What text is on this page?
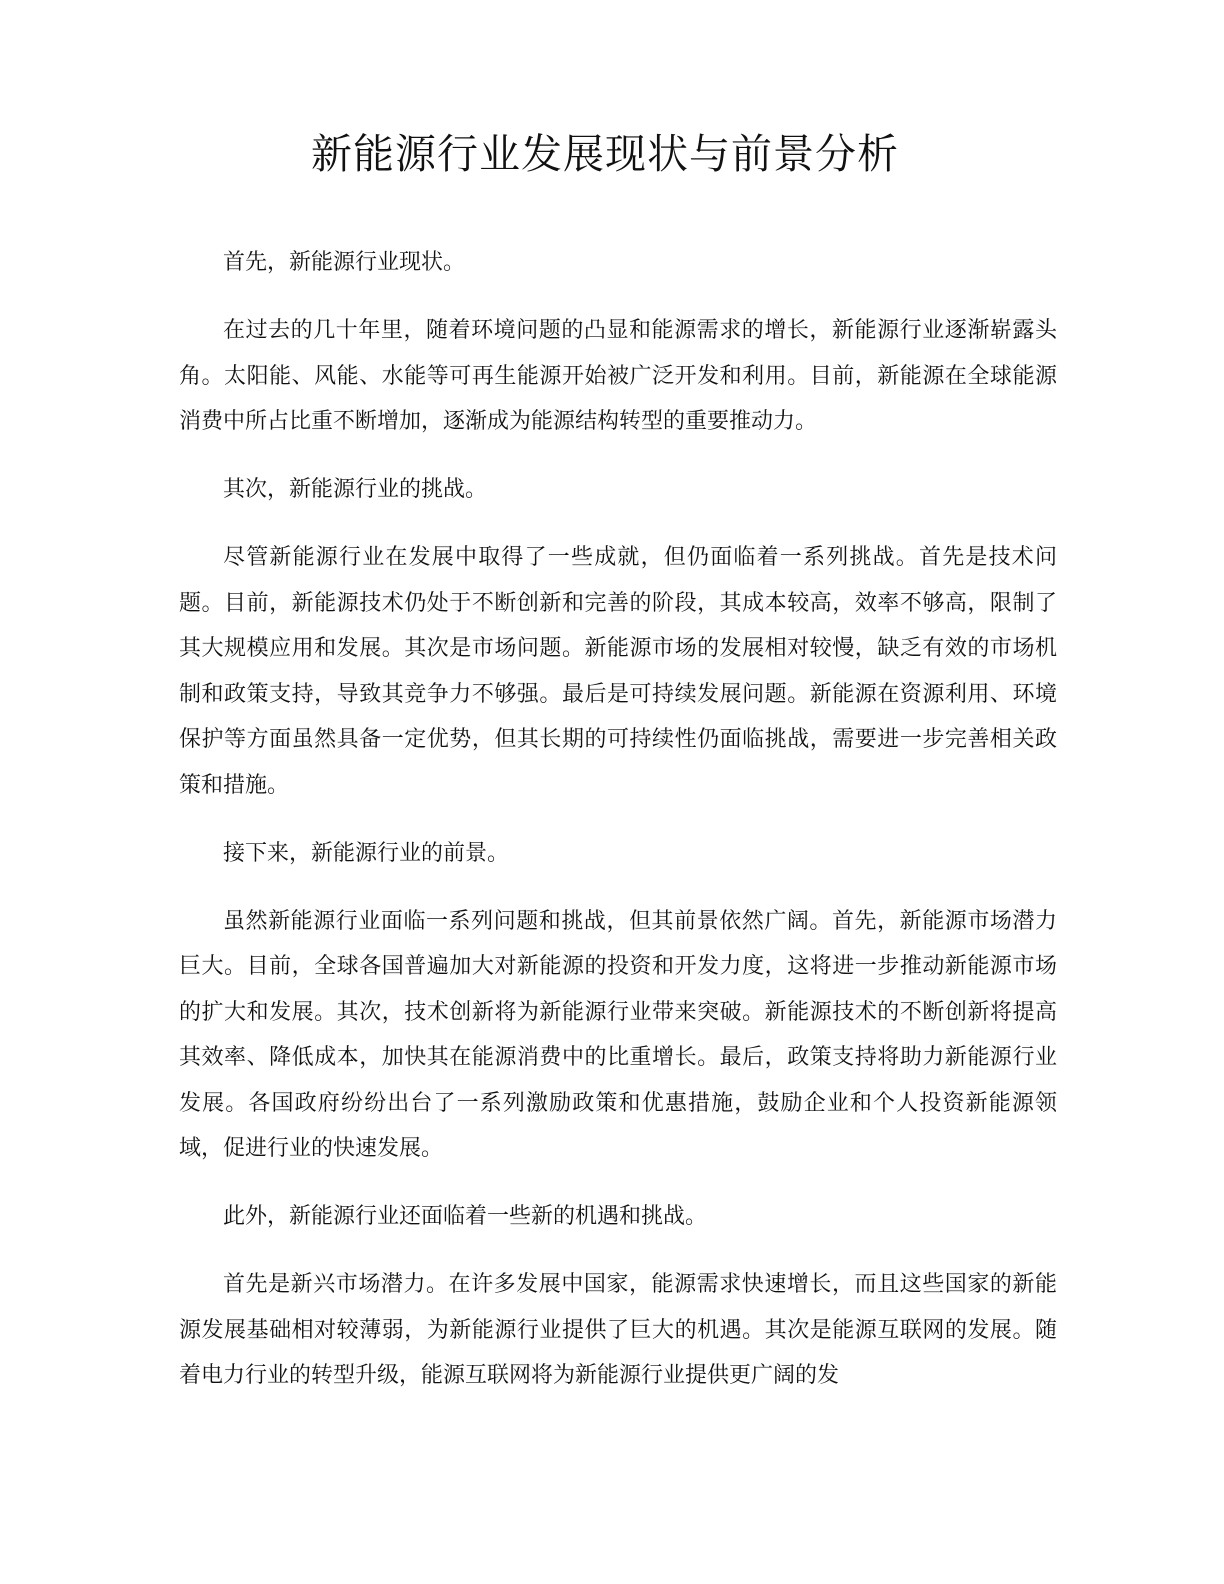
新能源行业发展现状与前景分析

首先，新能源行业现状。

在过去的几十年里，随着环境问题的凸显和能源需求的增长，新能源行业逐渐崭露头角。太阳能、风能、水能等可再生能源开始被广泛开发和利用。目前，新能源在全球能源消费中所占比重不断增加，逐渐成为能源结构转型的重要推动力。

其次，新能源行业的挑战。

尽管新能源行业在发展中取得了一些成就，但仍面临着一系列挑战。首先是技术问题。目前，新能源技术仍处于不断创新和完善的阶段，其成本较高，效率不够高，限制了其大规模应用和发展。其次是市场问题。新能源市场的发展相对较慢，缺乏有效的市场机制和政策支持，导致其竞争力不够强。最后是可持续发展问题。新能源在资源利用、环境保护等方面虽然具备一定优势，但其长期的可持续性仍面临挑战，需要进一步完善相关政策和措施。

接下来，新能源行业的前景。

虽然新能源行业面临一系列问题和挑战，但其前景依然广阔。首先，新能源市场潜力巨大。目前，全球各国普遍加大对新能源的投资和开发力度，这将进一步推动新能源市场的扩大和发展。其次，技术创新将为新能源行业带来突破。新能源技术的不断创新将提高其效率、降低成本，加快其在能源消费中的比重增长。最后，政策支持将助力新能源行业发展。各国政府纷纷出台了一系列激励政策和优惠措施，鼓励企业和个人投资新能源领域，促进行业的快速发展。

此外，新能源行业还面临着一些新的机遇和挑战。

首先是新兴市场潜力。在许多发展中国家，能源需求快速增长，而且这些国家的新能源发展基础相对较薄弱，为新能源行业提供了巨大的机遇。其次是能源互联网的发展。随着电力行业的转型升级，能源互联网将为新能源行业提供更广阔的发
